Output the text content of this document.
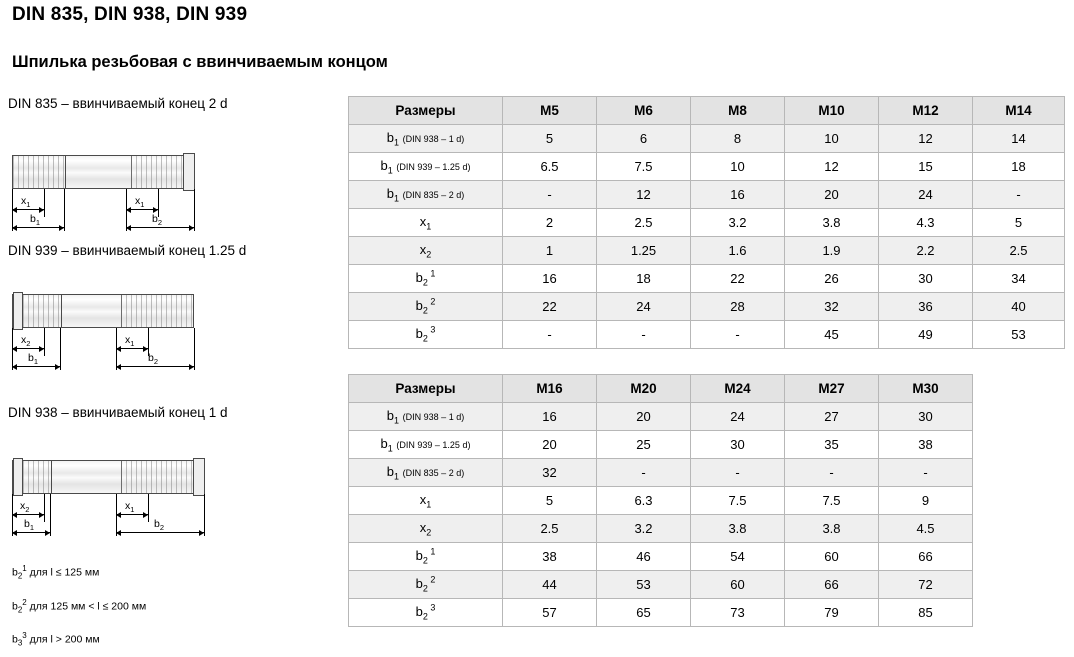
DIN 835, DIN 938, DIN 939
Шпилька резьбовая с ввинчиваемым концом
DIN 835 – ввинчиваемый конец 2 d
$x_1$
$b_1$
$x_1$
$b_2$
DIN 939 – ввинчиваемый конец 1.25 d
$x_2$
$b_1$
$x_1$
$b_2$
DIN 938 – ввинчиваемый конец 1 d
$x_2$
$b_1$
$x_1$
$b_2$
$b_2^1$ для l ≤ 125 мм
$b_2^2$ для 125 мм < l ≤ 200 мм
$b_3^3$ для l > 200 мм
Размеры	M5	M6	M8	M10	M12	M14
$b_1$ (DIN 938 – 1 d)	5	6	8	10	12	14
$b_1$ (DIN 939 – 1.25 d)	6.5	7.5	10	12	15	18
$b_1$ (DIN 835 – 2 d)	-	12	16	20	24	-
$x_1$	2	2.5	3.2	3.8	4.3	5
$x_2$	1	1.25	1.6	1.9	2.2	2.5
$b_2$ $^1$	16	18	22	26	30	34
$b_2$ $^2$	22	24	28	32	36	40
$b_2$ $^3$	-	-	-	45	49	53
Размеры	M16	M20	M24	M27	M30	
$b_1$ (DIN 938 – 1 d)	16	20	24	27	30	
$b_1$ (DIN 939 – 1.25 d)	20	25	30	35	38	
$b_1$ (DIN 835 – 2 d)	32	-	-	-	-	
$x_1$	5	6.3	7.5	7.5	9	
$x_2$	2.5	3.2	3.8	3.8	4.5	
$b_2$ $^1$	38	46	54	60	66	
$b_2$ $^2$	44	53	60	66	72	
$b_2$ $^3$	57	65	73	79	85	
